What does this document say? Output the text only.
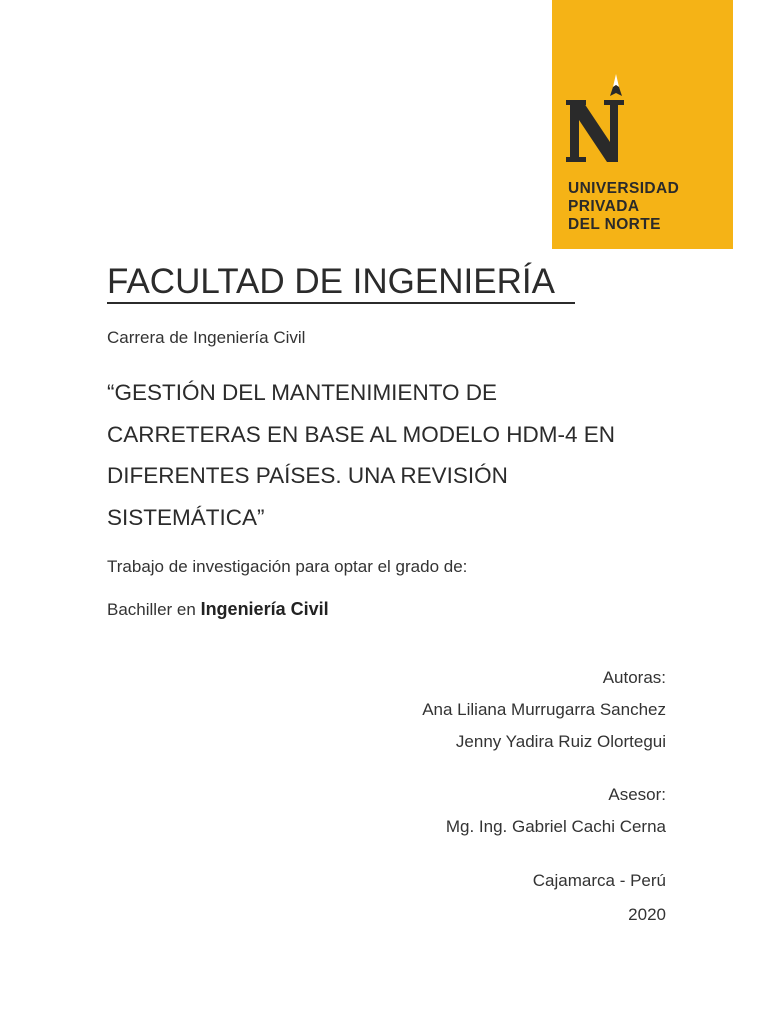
UNIVERSIDAD
PRIVADA
DEL NORTE
FACULTAD DE INGENIERÍA
Carrera de Ingeniería Civil
“GESTIÓN DEL MANTENIMIENTO DE
CARRETERAS EN BASE AL MODELO HDM-4 EN
DIFERENTES PAÍSES. UNA REVISIÓN
SISTEMÁTICA”
Trabajo de investigación para optar el grado de:
Bachiller en Ingeniería Civil
Autoras:
Ana Liliana Murrugarra Sanchez
Jenny Yadira Ruiz Olortegui
Asesor:
Mg. Ing. Gabriel Cachi Cerna
Cajamarca - Perú
2020
